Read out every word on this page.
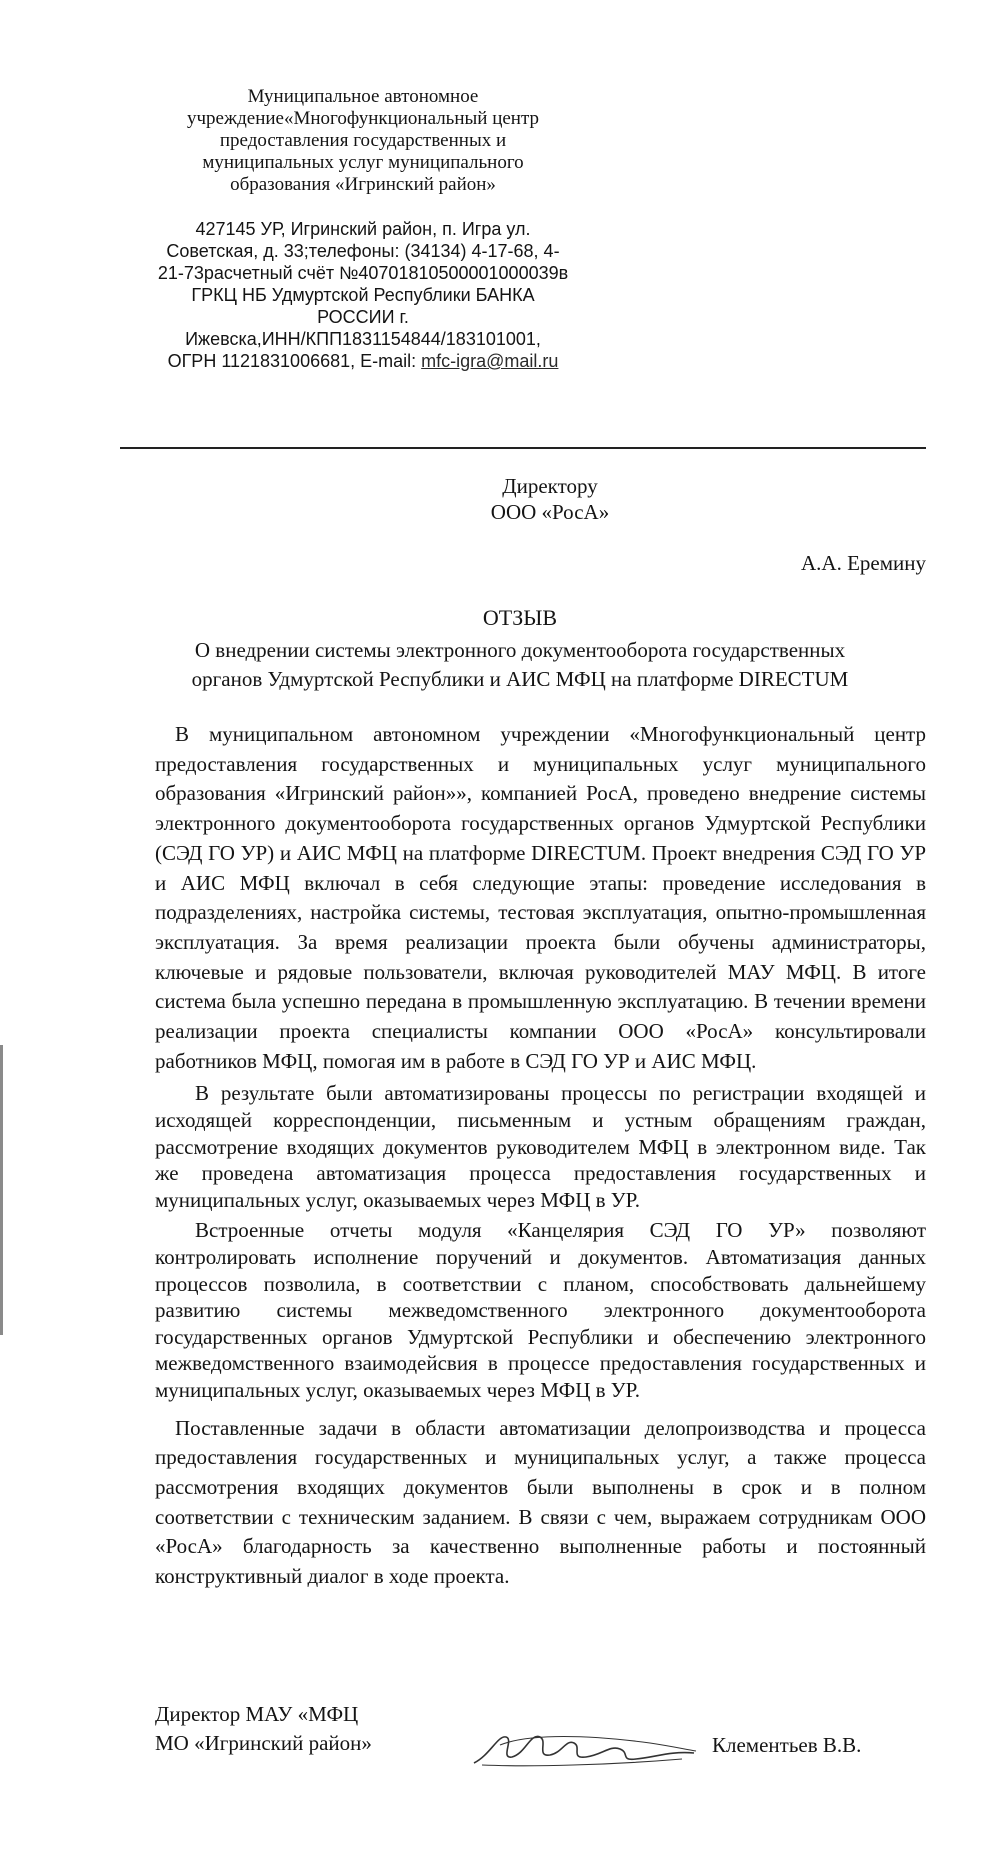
Муниципальное автономное
учреждение«Многофункциональный центр
предоставления государственных и
муниципальных услуг муниципального
образования «Игринский район»
427145 УР, Игринский район, п. Игра ул.
Советская, д. 33;телефоны: (34134) 4-17-68, 4-
21-73расчетный счёт №40701810500001000039в
ГРКЦ НБ Удмуртской Республики БАНКА
РОССИИ г.
Ижевска,ИНН/КПП1831154844/183101001,
ОГРН 1121831006681, E-mail: mfc-igra@mail.ru
Директору
ООО «РосА»
А.А. Еремину
ОТЗЫВ
О внедрении системы электронного документооборота государственных
органов Удмуртской Республики и АИС МФЦ на платформе DIRECTUM

В муниципальном автономном учреждении «Многофункциональный центр предоставления государственных и муниципальных услуг муниципального образования «Игринский район»», компанией РосА, проведено внедрение системы электронного документооборота государственных органов Удмуртской Республики (СЭД ГО УР) и АИС МФЦ на платформе DIRECTUM. Проект внедрения СЭД ГО УР и АИС МФЦ включал в себя следующие этапы: проведение исследования в подразделениях, настройка системы, тестовая эксплуатация, опытно-промышленная эксплуатация. За время реализации проекта были обучены администраторы, ключевые и рядовые пользователи, включая руководителей МАУ МФЦ. В итоге система была успешно передана в промышленную эксплуатацию. В течении времени реализации проекта специалисты компании ООО «РосА» консультировали работников МФЦ, помогая им в работе в СЭД ГО УР и АИС МФЦ.

В результате были автоматизированы процессы по регистрации входящей и исходящей корреспонденции, письменным и устным обращениям граждан, рассмотрение входящих документов руководителем МФЦ в электронном виде. Так же проведена автоматизация процесса предоставления государственных и муниципальных услуг, оказываемых через МФЦ в УР.

Встроенные отчеты модуля «Канцелярия СЭД ГО УР» позволяют контролировать исполнение поручений и документов. Автоматизация данных процессов позволила, в соответствии с планом, способствовать дальнейшему развитию системы межведомственного электронного документооборота государственных органов Удмуртской Республики и обеспечению электронного межведомственного взаимодейсвия в процессе предоставления государственных и муниципальных услуг, оказываемых через МФЦ в УР.

Поставленные задачи в области автоматизации делопроизводства и процесса предоставления государственных и муниципальных услуг, а также процесса рассмотрения входящих документов были выполнены в срок и в полном соответствии с техническим заданием. В связи с чем, выражаем сотрудникам ООО «РосА» благодарность за качественно выполненные работы и постоянный конструктивный диалог в ходе проекта.

Директор МАУ «МФЦ
МО «Игринский район»	Клементьев В.В.
